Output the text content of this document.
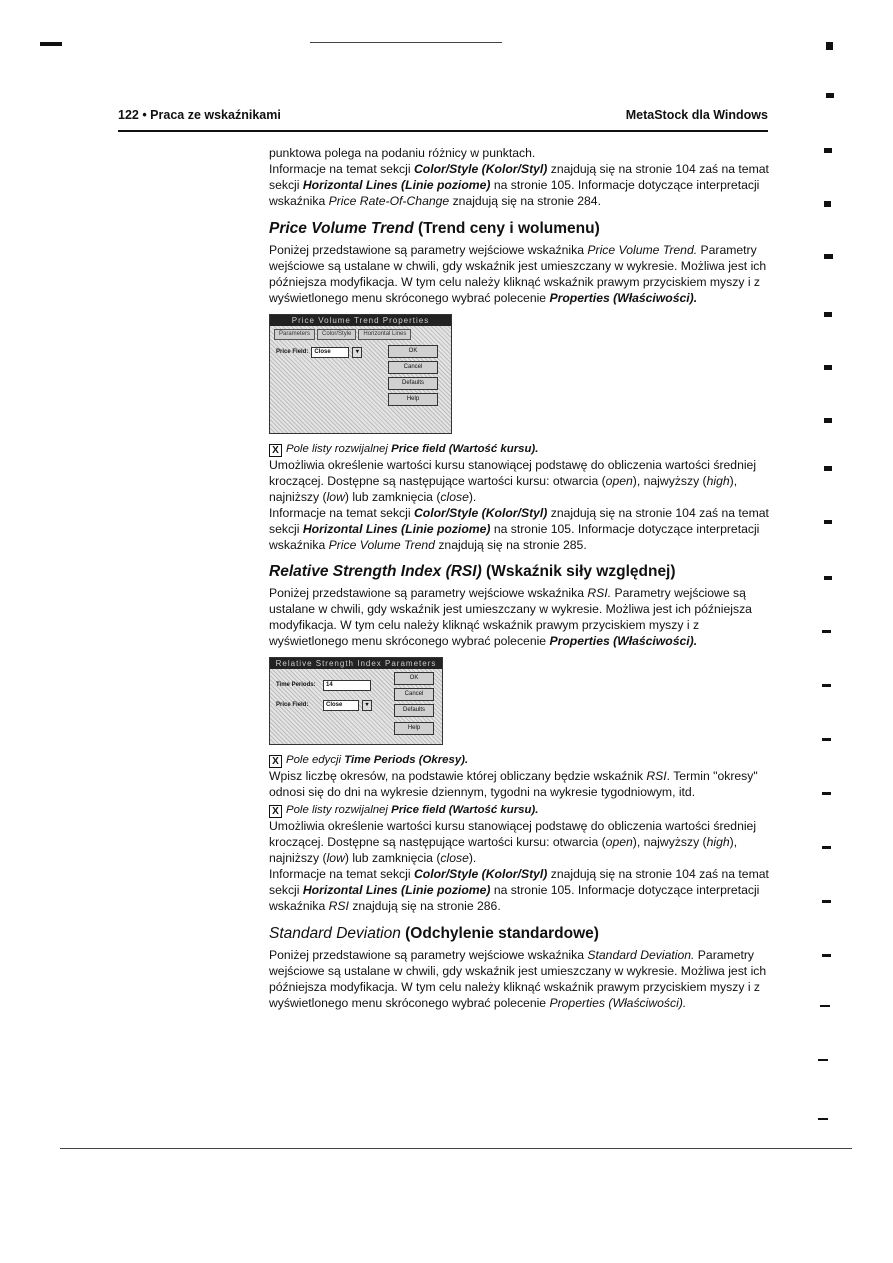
122 • Praca ze wskaźnikami	MetaStock dla Windows

punktowa polega na podaniu różnicy w punktach.
Informacje na temat sekcji Color/Style (Kolor/Styl) znajdują się na stronie 104 zaś na temat sekcji Horizontal Lines (Linie poziome) na stronie 105. Informacje dotyczące interpretacji wskaźnika Price Rate-Of-Change znajdują się na stronie 284.

Price Volume Trend (Trend ceny i wolumenu)

Poniżej przedstawione są parametry wejściowe wskaźnika Price Volume Trend. Parametry wejściowe są ustalane w chwili, gdy wskaźnik jest umieszczany w wykresie. Możliwa jest ich późniejsza modyfikacja. W tym celu należy kliknąć wskaźnik prawym przyciskiem myszy i z wyświetlonego menu skróconego wybrać polecenie Properties (Właściwości).

Price Volume Trend Properties
Parameters	Color/Style	Horizontal Lines
Price Field:	Close	▾	OK
Cancel
Defaults
Help

X Pole listy rozwijalnej Price field (Wartość kursu).
Umożliwia określenie wartości kursu stanowiącej podstawę do obliczenia wartości średniej kroczącej. Dostępne są następujące wartości kursu: otwarcia (open), najwyższy (high), najniższy (low) lub zamknięcia (close).
Informacje na temat sekcji Color/Style (Kolor/Styl) znajdują się na stronie 104 zaś na temat sekcji Horizontal Lines (Linie poziome) na stronie 105. Informacje dotyczące interpretacji wskaźnika Price Volume Trend znajdują się na stronie 285.

Relative Strength Index (RSI) (Wskaźnik siły względnej)

Poniżej przedstawione są parametry wejściowe wskaźnika RSI. Parametry wejściowe są ustalane w chwili, gdy wskaźnik jest umieszczany w wykresie. Możliwa jest ich późniejsza modyfikacja. W tym celu należy kliknąć wskaźnik prawym przyciskiem myszy i z wyświetlonego menu skróconego wybrać polecenie Properties (Właściwości).

Relative Strength Index Parameters
Time Periods:	14
Price Field:	Close	▾
OK
Cancel
Defaults
Help

X Pole edycji Time Periods (Okresy).
Wpisz liczbę okresów, na podstawie której obliczany będzie wskaźnik RSI. Termin "okresy" odnosi się do dni na wykresie dziennym, tygodni na wykresie tygodniowym, itd.

X Pole listy rozwijalnej Price field (Wartość kursu).
Umożliwia określenie wartości kursu stanowiącej podstawę do obliczenia wartości średniej kroczącej. Dostępne są następujące wartości kursu: otwarcia (open), najwyższy (high), najniższy (low) lub zamknięcia (close).
Informacje na temat sekcji Color/Style (Kolor/Styl) znajdują się na stronie 104 zaś na temat sekcji Horizontal Lines (Linie poziome) na stronie 105. Informacje dotyczące interpretacji wskaźnika RSI znajdują się na stronie 286.

Standard Deviation (Odchylenie standardowe)

Poniżej przedstawione są parametry wejściowe wskaźnika Standard Deviation. Parametry wejściowe są ustalane w chwili, gdy wskaźnik jest umieszczany w wykresie. Możliwa jest ich późniejsza modyfikacja. W tym celu należy kliknąć wskaźnik prawym przyciskiem myszy i z wyświetlonego menu skróconego wybrać polecenie Properties (Właściwości).
